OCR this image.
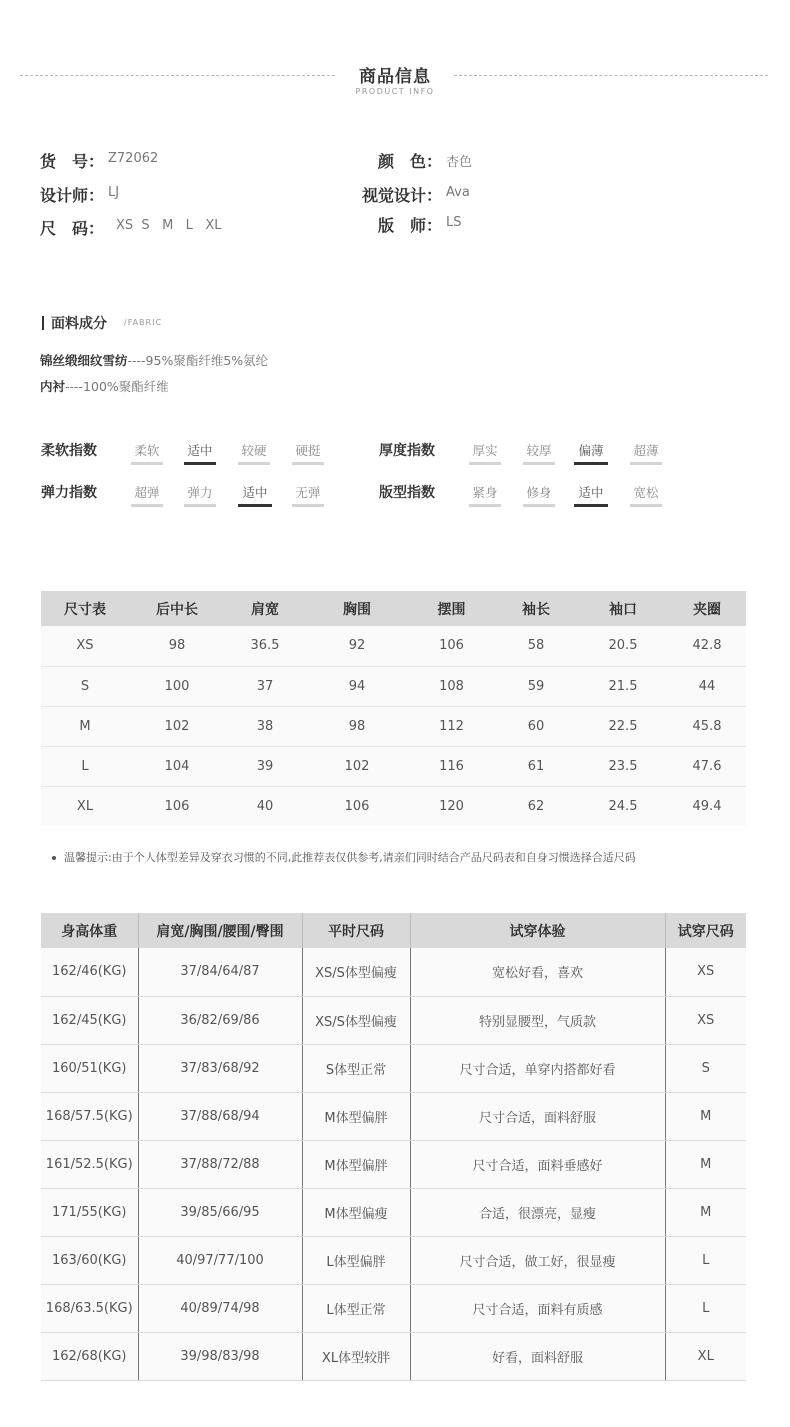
商品信息
PRODUCT INFO
货　号： Z72062	颜　色： 杏色
设计师： LJ	视觉设计： Ava
尺　码： XS  S   M   L   XL	版　师： LS
面料成分 /FABRIC
锦丝缎细纹雪纺----95%聚酯纤维5%氨纶
内衬----100%聚酯纤维
柔软指数	柔软 适中 较硬 硬挺	厚度指数	厚实 较厚	偏薄	超薄
弹力指数	超弹 弹力	适中	无弹	版型指数	紧身 修身	适中	宽松
尺寸表	后中长	肩宽	胸围	摆围	袖长	袖口	夹圈
XS	98	36.5	92	106	58	20.5	42.8
S	100	37	94	108	59	21.5	44
M	102	38	98	112	60	22.5	45.8
L	104	39	102	116	61	23.5	47.6
XL	106	40	106	120	62	24.5	49.4
温馨提示:由于个人体型差异及穿衣习惯的不同,此推荐表仅供参考,请亲们同时结合产品尺码表和自身习惯选择合适尺码
身高体重	肩宽/胸围/腰围/臀围	平时尺码	试穿体验	试穿尺码
162/46(KG)	37/84/64/87	XS/S体型偏瘦	宽松好看，喜欢	XS
162/45(KG)	36/82/69/86	XS/S体型偏瘦	特别显腰型，气质款	XS
160/51(KG)	37/83/68/92	S体型正常	尺寸合适，单穿内搭都好看	S
168/57.5(KG)	37/88/68/94	M体型偏胖	尺寸合适，面料舒服	M
161/52.5(KG)	37/88/72/88	M体型偏胖	尺寸合适，面料垂感好	M
171/55(KG)	39/85/66/95	M体型偏瘦	合适，很漂亮，显瘦	M
163/60(KG)	40/97/77/100	L体型偏胖	尺寸合适，做工好，很显瘦	L
168/63.5(KG)	40/89/74/98	L体型正常	尺寸合适，面料有质感	L
162/68(KG)	39/98/83/98	XL体型较胖	好看，面料舒服	XL
